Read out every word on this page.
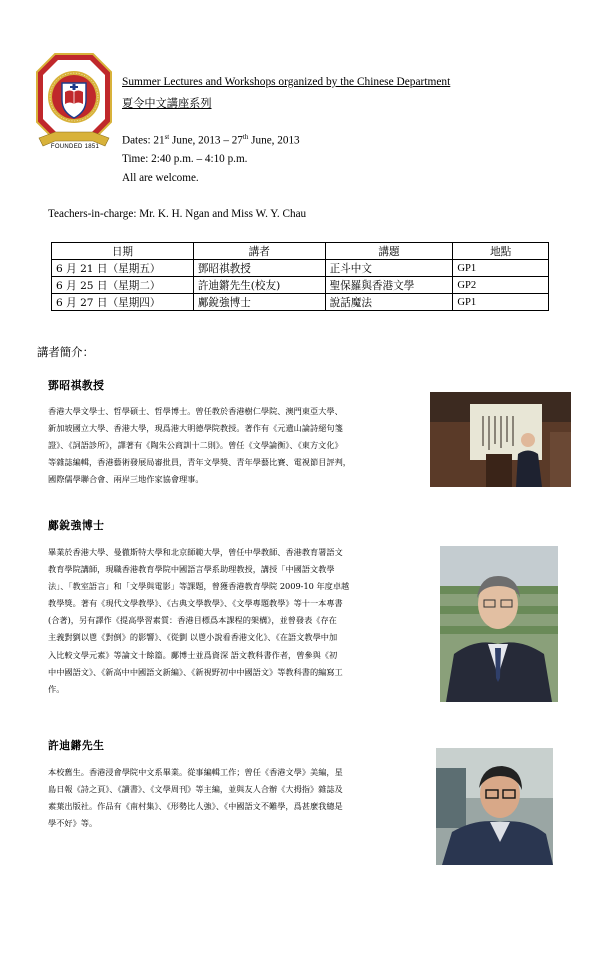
FOUNDED 1851
Summer Lectures and Workshops organized by the Chinese Department
夏令中文講座系列
Dates: 21st June, 2013 – 27th June, 2013
Time: 2:40 p.m. – 4:10 p.m.
All are welcome.
Teachers-in-charge: Mr. K. H. Ngan and Miss W. Y. Chau
日期	講者	講題	地點
6 月 21 日（星期五）	鄧昭祺教授	正斗中文	GP1
6 月 25 日（星期二）	許迪鏘先生(校友)	聖保羅與香港文學	GP2
6 月 27 日（星期四）	鄺銳強博士	說話魔法	GP1
講者簡介：
鄧昭祺教授
香港大學文學士、哲學碩士、哲學博士。曾任教於香港樹仁學院、澳門東亞大學、
新加坡國立大學、香港大學，現爲港大明德學院教授。著作有《元遺山論詩絕句箋
證》、《詞語診所》，譯著有《陶朱公商訓十二則》。曾任《文學論衡》、《東方文化》
等雜誌編輯，香港藝術發展局審批員，青年文學獎、青年學藝比賽、電視節目評判，
國際儒學聯合會、兩岸三地作家協會理事。
鄺銳強博士
畢業於香港大學、曼徹斯特大學和北京師範大學，曾任中學教師、香港教育署語文
教育學院講師，現職香港教育學院中國語言學系助理教授，講授「中國語文教學
法」、「教室語言」和「文學與電影」等課題，曾獲香港教育學院 2009-10 年度卓越
教學獎。著有《現代文學教學》、《古典文學教學》、《文學專題教學》等十一本專書
(合著)，另有譯作《提高學習素質：香港目標爲本課程的架構》，並曾發表《存在
主義對劉以鬯《對倒》的影響》、《從劉 以鬯小說看香港文化》、《在語文教學中加
入比較文學元素》等論文十餘篇。鄺博士並爲資深 語文教科書作者，曾參與《初
中中國語文》、《新高中中國語文新編》、《新視野初中中國語文》等教科書的編寫工
作。
許迪鏘先生
本校舊生。香港浸會學院中文系畢業。從事編輯工作；曾任《香港文學》美編，星
島日報《詩之頁》、《讀書》、《文學周刊》等主編，並與友人合辦《大拇指》雜誌及
素葉出版社。作品有《南村集》、《形勢比人強》、《中國語文不難學，爲甚麼我總是
學不好》等。
